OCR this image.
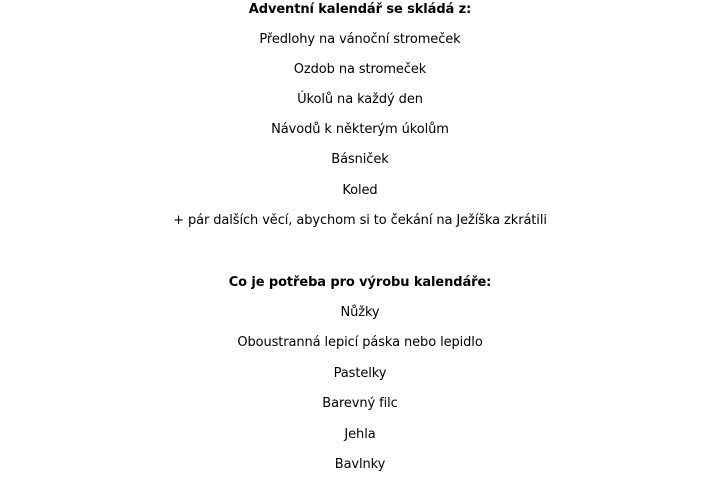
Adventní kalendář se skládá z:
Předlohy na vánoční stromeček
Ozdob na stromeček
Úkolů na každý den
Návodů k některým úkolům
Básniček
Koled
+ pár dalších věcí, abychom si to čekání na Ježíška zkrátili
Co je potřeba pro výrobu kalendáře:
Nůžky
Oboustranná lepicí páska nebo lepidlo
Pastelky
Barevný filc
Jehla
Bavlnky
